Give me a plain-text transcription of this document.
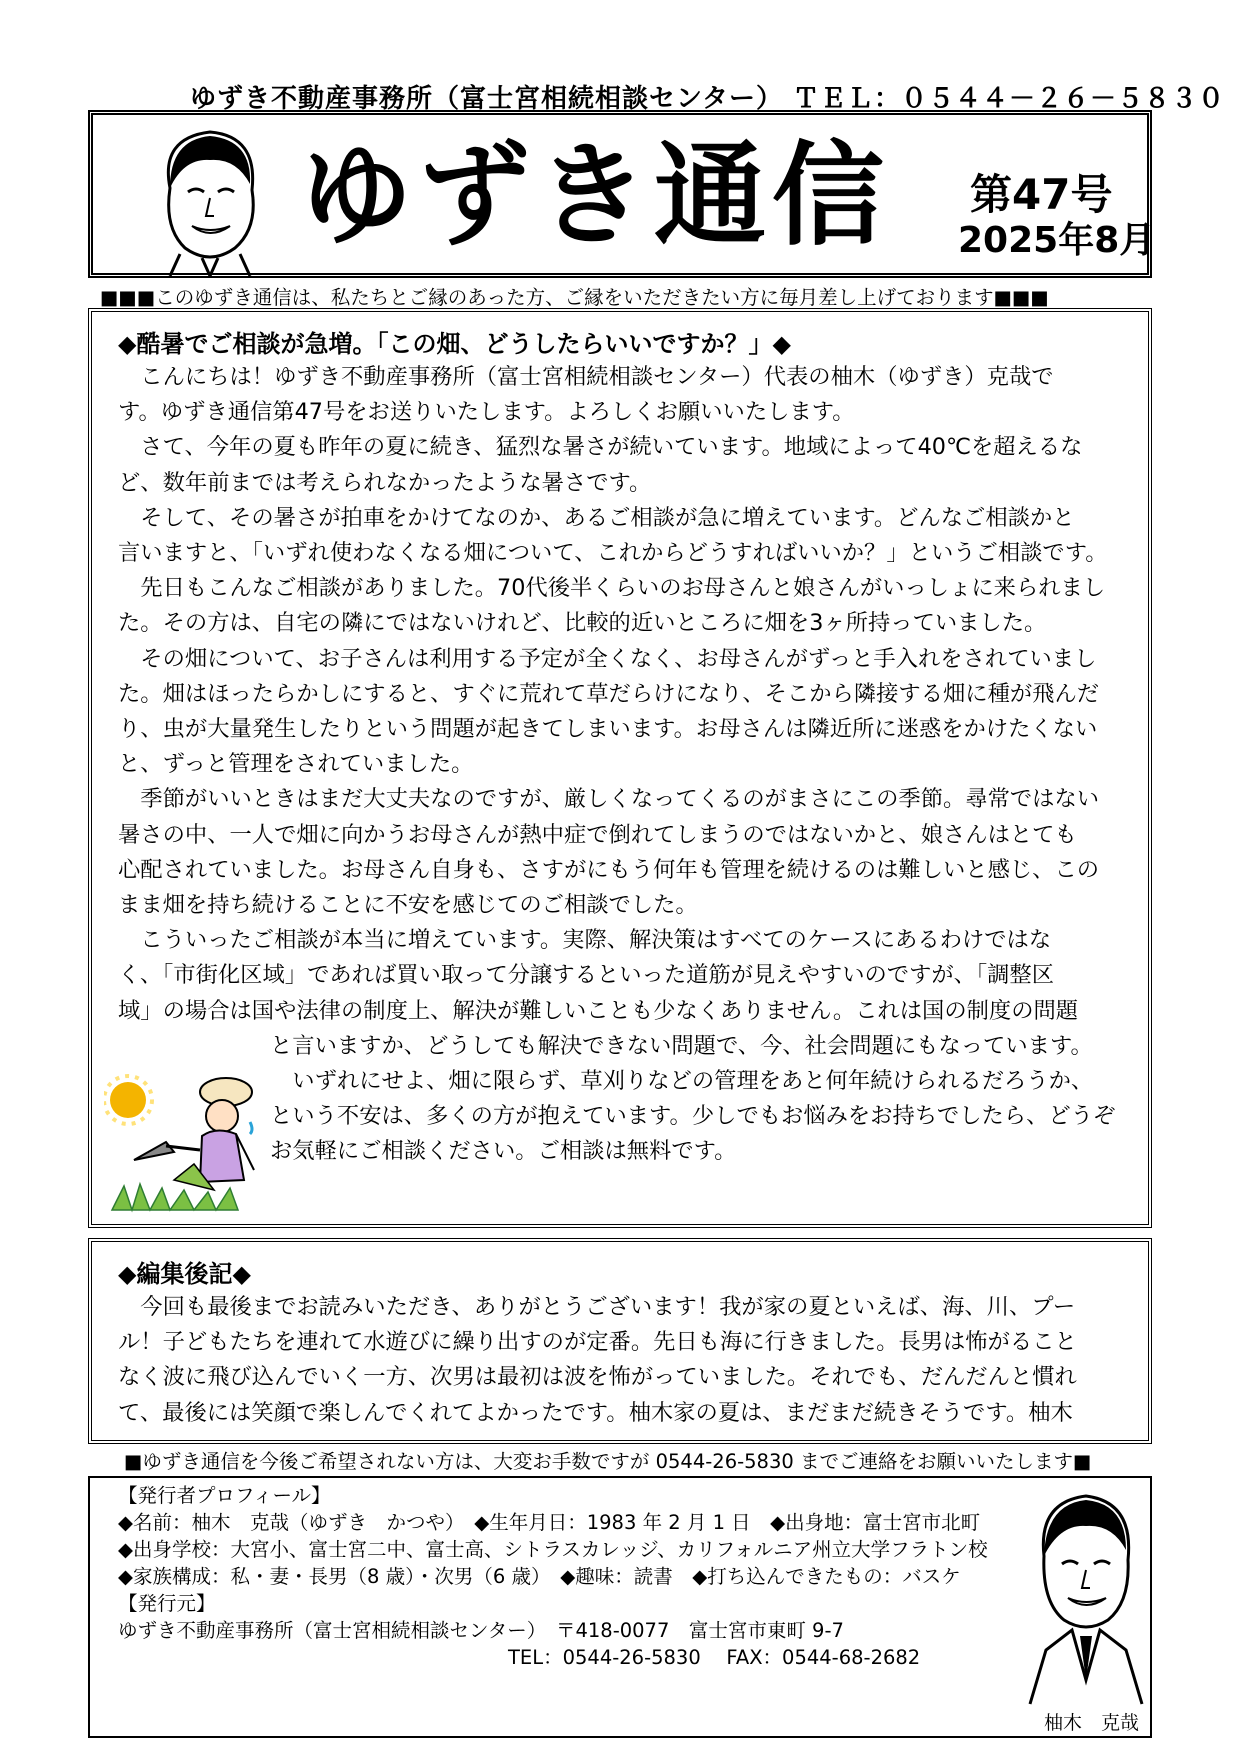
ゆずき不動産事務所（富士宮相続相談センター） ＴＥＬ：０５４４－２６－５８３０
ゆずき通信 第47号
2025年8月
■■■このゆずき通信は、私たちとご縁のあった方、ご縁をいただきたい方に毎月差し上げております■■■
◆酷暑でご相談が急増。「この畑、どうしたらいいですか？」◆
　こんにちは！ゆずき不動産事務所（富士宮相続相談センター）代表の柚木（ゆずき）克哉で
す。ゆずき通信第47号をお送りいたします。よろしくお願いいたします。
　さて、今年の夏も昨年の夏に続き、猛烈な暑さが続いています。地域によって40℃を超えるな
ど、数年前までは考えられなかったような暑さです。
　そして、その暑さが拍車をかけてなのか、あるご相談が急に増えています。どんなご相談かと
言いますと、「いずれ使わなくなる畑について、これからどうすればいいか？」というご相談です。
　先日もこんなご相談がありました。70代後半くらいのお母さんと娘さんがいっしょに来られまし
た。その方は、自宅の隣にではないけれど、比較的近いところに畑を3ヶ所持っていました。
　その畑について、お子さんは利用する予定が全くなく、お母さんがずっと手入れをされていまし
た。畑はほったらかしにすると、すぐに荒れて草だらけになり、そこから隣接する畑に種が飛んだ
り、虫が大量発生したりという問題が起きてしまいます。お母さんは隣近所に迷惑をかけたくない
と、ずっと管理をされていました。
　季節がいいときはまだ大丈夫なのですが、厳しくなってくるのがまさにこの季節。尋常ではない
暑さの中、一人で畑に向かうお母さんが熱中症で倒れてしまうのではないかと、娘さんはとても
心配されていました。お母さん自身も、さすがにもう何年も管理を続けるのは難しいと感じ、この
まま畑を持ち続けることに不安を感じてのご相談でした。
　こういったご相談が本当に増えています。実際、解決策はすべてのケースにあるわけではな
く、「市街化区域」であれば買い取って分譲するといった道筋が見えやすいのですが、「調整区
域」の場合は国や法律の制度上、解決が難しいことも少なくありません。これは国の制度の問題
と言いますか、どうしても解決できない問題で、今、社会問題にもなっています。
　いずれにせよ、畑に限らず、草刈りなどの管理をあと何年続けられるだろうか、
という不安は、多くの方が抱えています。少しでもお悩みをお持ちでしたら、どうぞ
お気軽にご相談ください。ご相談は無料です。
◆編集後記◆
　今回も最後までお読みいただき、ありがとうございます！我が家の夏といえば、海、川、プー
ル！子どもたちを連れて水遊びに繰り出すのが定番。先日も海に行きました。長男は怖がること
なく波に飛び込んでいく一方、次男は最初は波を怖がっていました。それでも、だんだんと慣れ
て、最後には笑顔で楽しんでくれてよかったです。柚木家の夏は、まだまだ続きそうです。柚木
■ゆずき通信を今後ご希望されない方は、大変お手数ですが 0544-26-5830 までご連絡をお願いいたします■
【発行者プロフィール】
◆名前：柚木　克哉（ゆずき　かつや）　◆生年月日：1983 年 2 月 1 日　◆出身地：富士宮市北町
◆出身学校：大宮小、富士宮二中、富士高、シトラスカレッジ、カリフォルニア州立大学フラトン校
◆家族構成：私・妻・長男（8 歳）・次男（6 歳）　◆趣味：読書　◆打ち込んできたもの：バスケ
【発行元】
ゆずき不動産事務所（富士宮相続相談センター）　〒418-0077　富士宮市東町 9-7
　　　　　　　　　　　　　　　　　　　　TEL：0544-26-5830　 FAX：0544-68-2682
柚木　克哉
